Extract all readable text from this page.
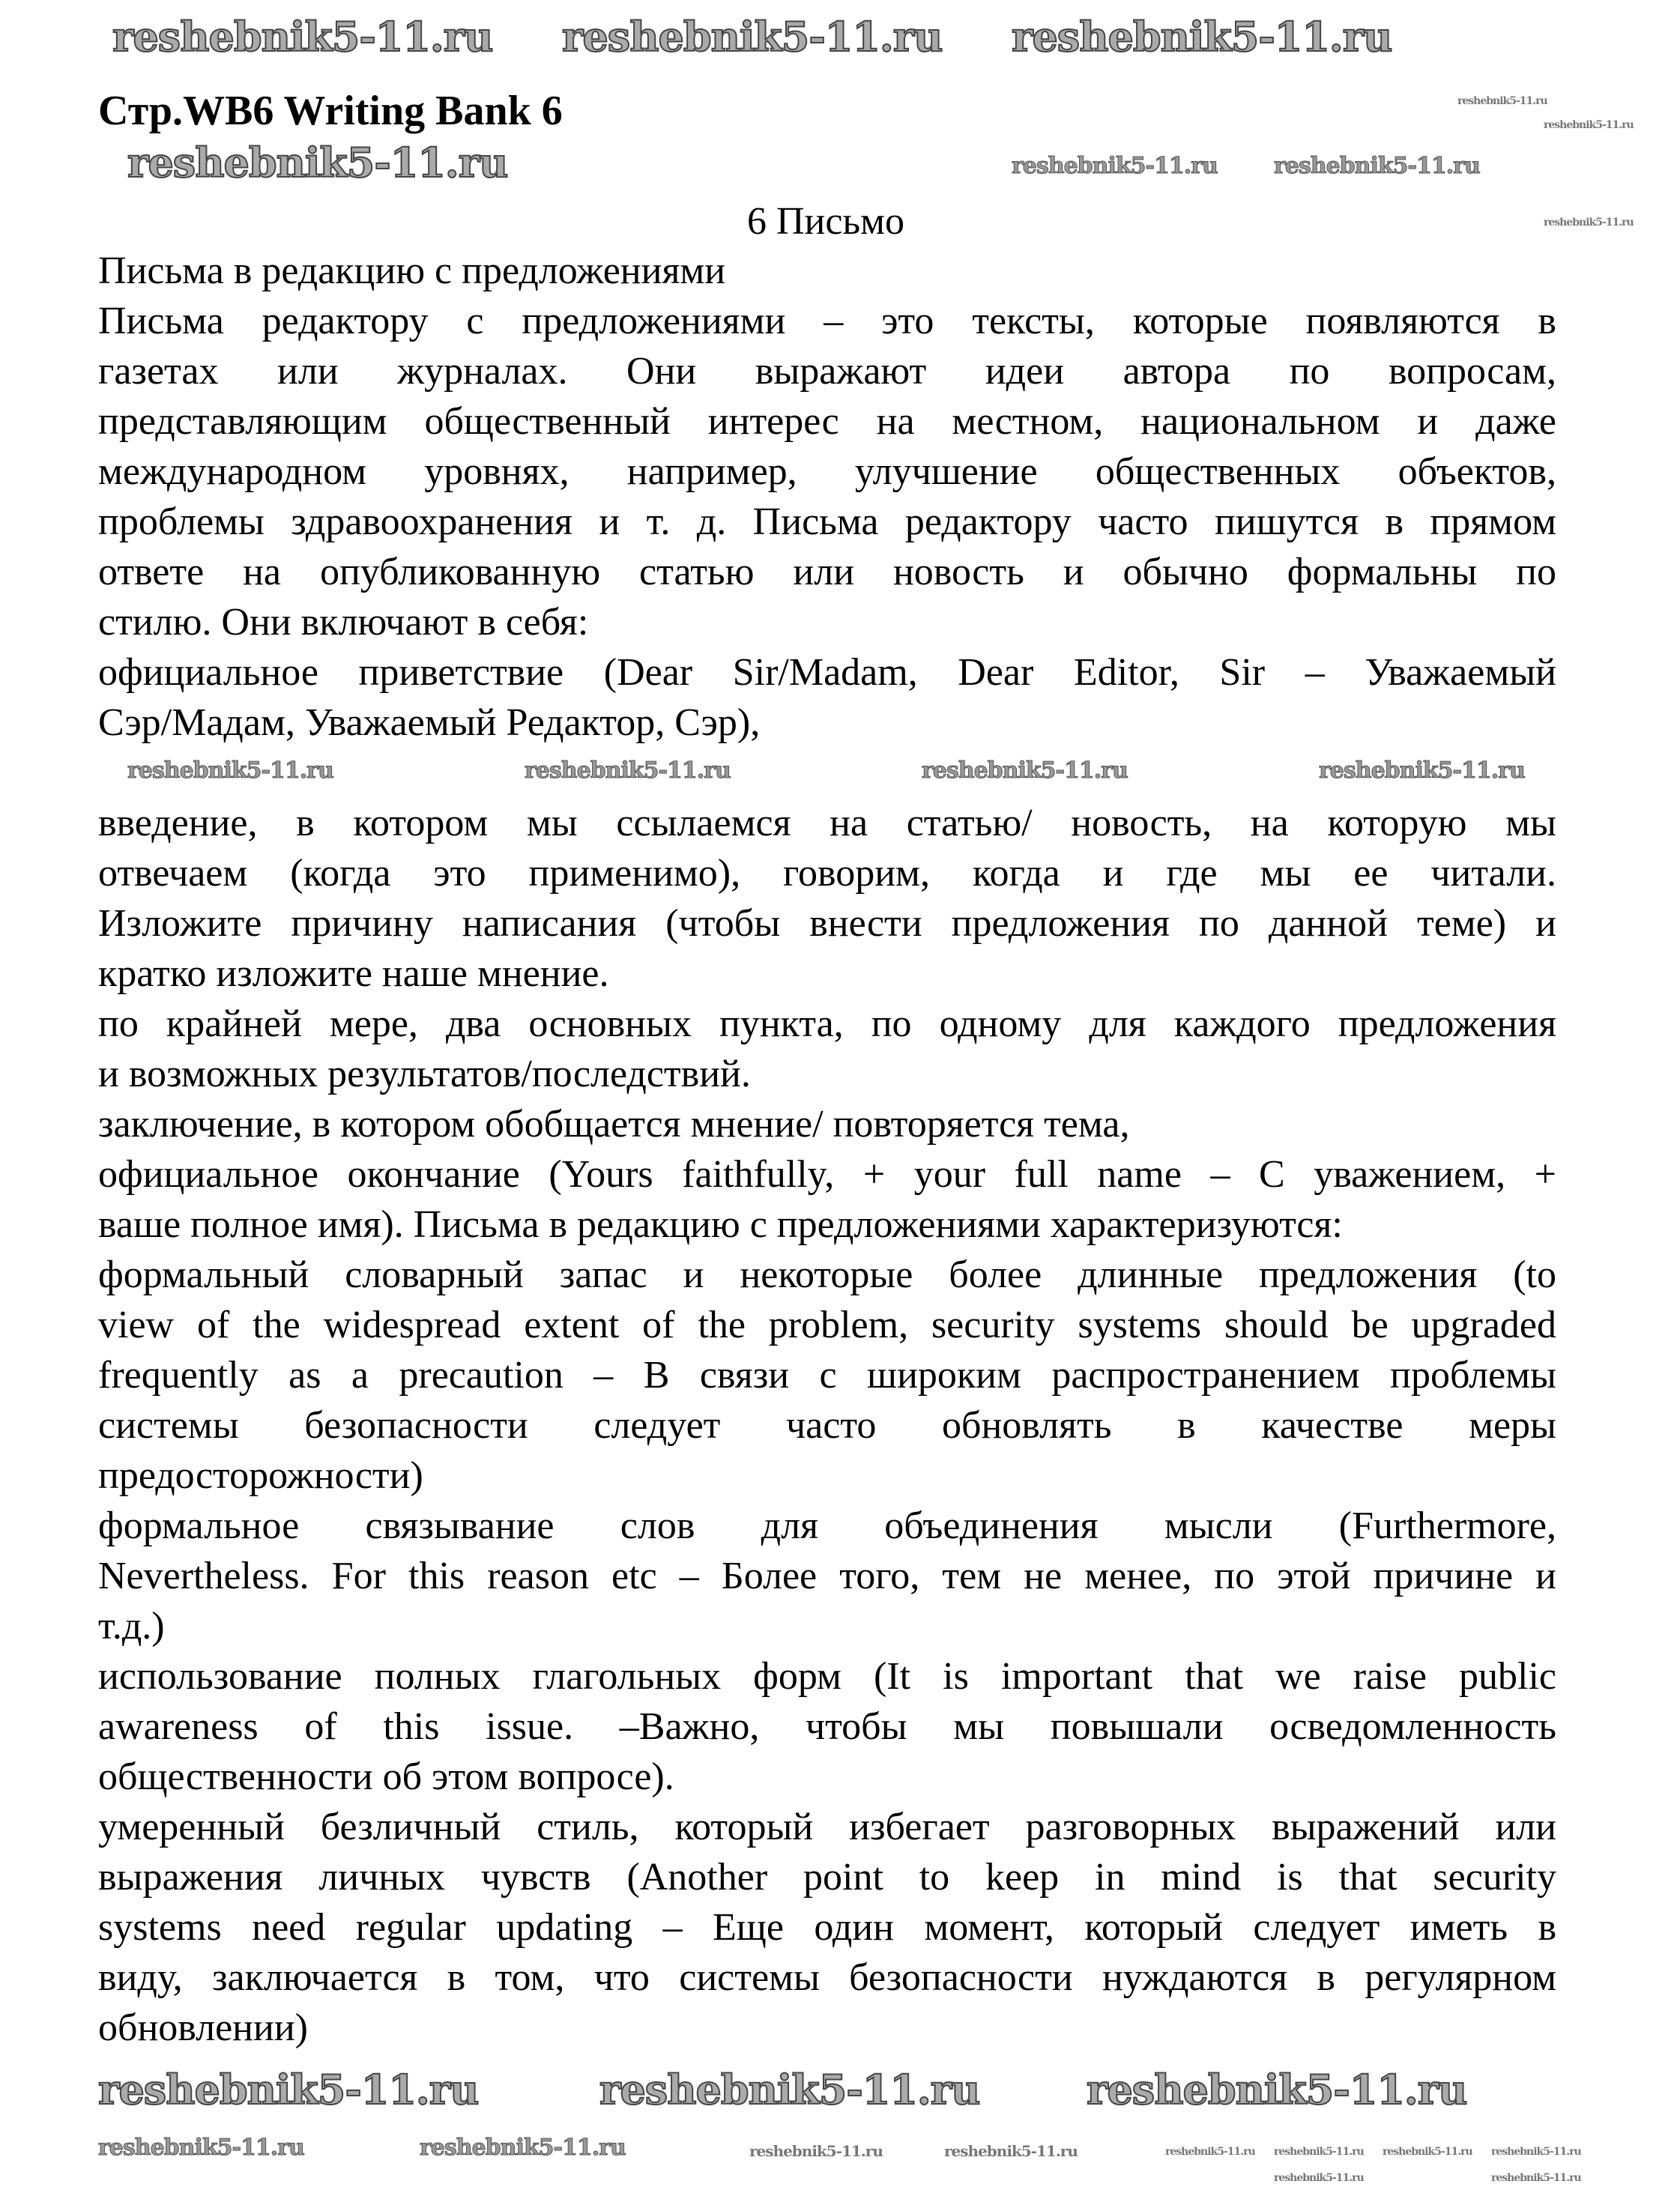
Стр.WB6 Writing Bank 6
6 Письмо
Письма в редакцию с предложениями
Письма редактору с предложениями – это тексты, которые появляются в
газетах или журналах. Они выражают идеи автора по вопросам,
представляющим общественный интерес на местном, национальном и даже
международном уровнях, например, улучшение общественных объектов,
проблемы здравоохранения и т. д. Письма редактору часто пишутся в прямом
ответе на опубликованную статью или новость и обычно формальны по
стилю. Они включают в себя:
официальное приветствие (Dear Sir/Madam, Dear Editor, Sir – Уважаемый
Сэр/Мадам, Уважаемый Редактор, Сэр),
введение, в котором мы ссылаемся на статью/ новость, на которую мы
отвечаем (когда это применимо), говорим, когда и где мы ее читали.
Изложите причину написания (чтобы внести предложения по данной теме) и
кратко изложите наше мнение.
по крайней мере, два основных пункта, по одному для каждого предложения
и возможных результатов/последствий.
заключение, в котором обобщается мнение/ повторяется тема,
официальное окончание (Yours faithfully, + your full name – С уважением, +
ваше полное имя). Письма в редакцию с предложениями характеризуются:
формальный словарный запас и некоторые более длинные предложения (to
view of the widespread extent of the problem, security systems should be upgraded
frequently as a precaution – В связи с широким распространением проблемы
системы безопасности следует часто обновлять в качестве меры
предосторожности)
формальное связывание слов для объединения мысли (Furthermore,
Nevertheless. For this reason etc – Более того, тем не менее, по этой причине и
т.д.)
использование полных глагольных форм (It is important that we raise public
awareness of this issue. –Важно, чтобы мы повышали осведомленность
общественности об этом вопросе).
умеренный безличный стиль, который избегает разговорных выражений или
выражения личных чувств (Another point to keep in mind is that security
systems need regular updating – Еще один момент, который следует иметь в
виду, заключается в том, что системы безопасности нуждаются в регулярном
обновлении)
reshebnik5-11.ru reshebnik5-11.ru reshebnik5-11.ru
reshebnik5-11.ru	reshebnik5-11.ru	reshebnik5-11.ru
reshebnik5-11.ru
reshebnik5-11.ru
reshebnik5-11.ru
reshebnik5-11.ru	reshebnik5-11.ru	reshebnik5-11.ru	reshebnik5-11.ru
reshebnik5-11.ru	reshebnik5-11.ru	reshebnik5-11.ru
reshebnik5-11.ru	reshebnik5-11.ru	reshebnik5-11.ru	reshebnik5-11.ru	reshebnik5-11.ru reshebnik5-11.ru reshebnik5-11.ru reshebnik5-11.ru
reshebnik5-11.ru	reshebnik5-11.ru
